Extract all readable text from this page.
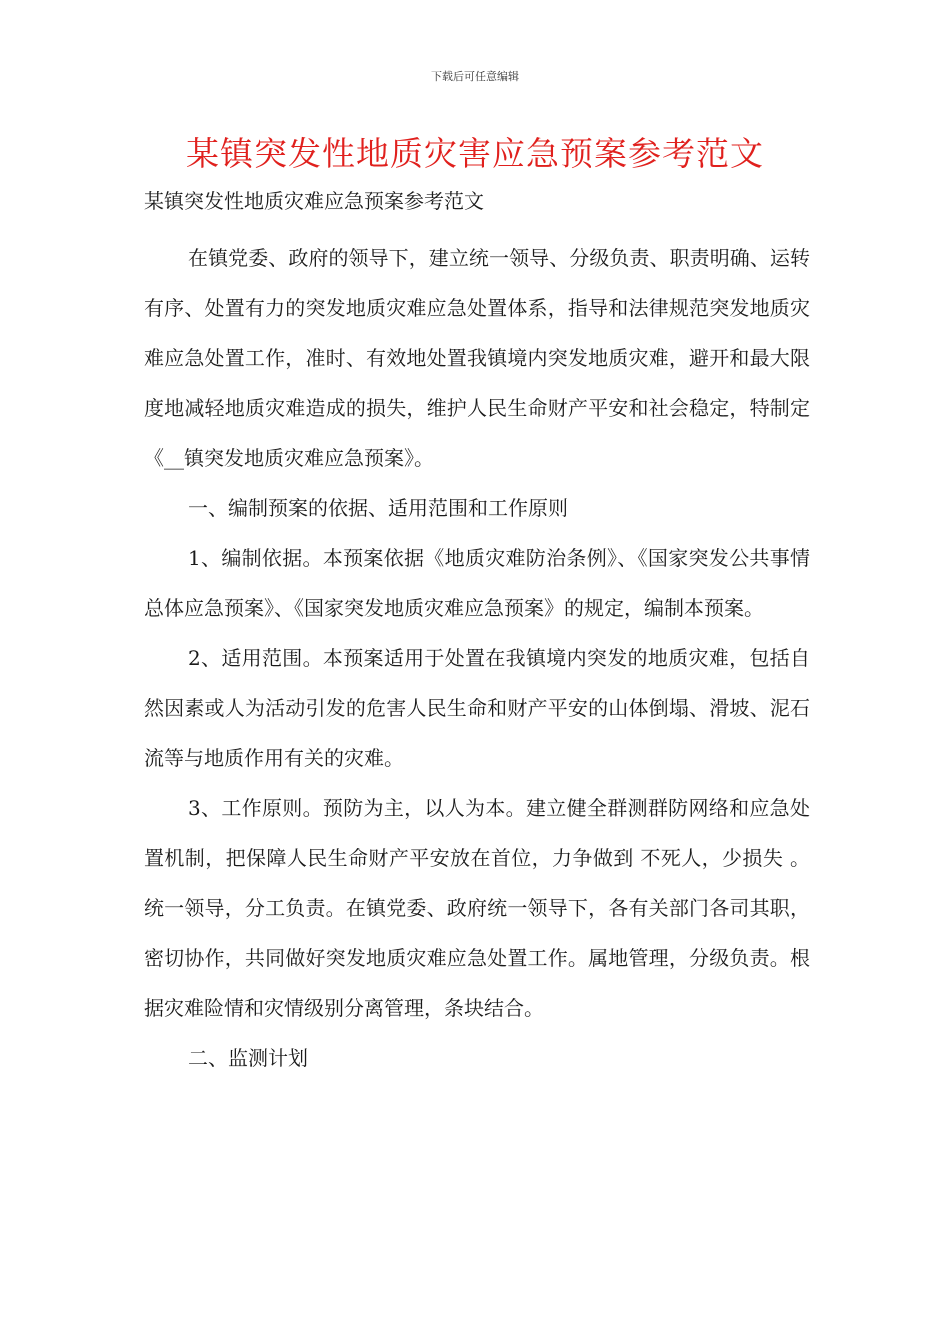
下载后可任意编辑
某镇突发性地质灾害应急预案参考范文

某镇突发性地质灾难应急预案参考范文

在镇党委、政府的领导下，建立统一领导、分级负责、职责明确、运转有序、处置有力的突发地质灾难应急处置体系，指导和法律规范突发地质灾难应急处置工作，准时、有效地处置我镇境内突发地质灾难，避开和最大限度地减轻地质灾难造成的损失，维护人民生命财产平安和社会稳定，特制定《__镇突发地质灾难应急预案》。

一、编制预案的依据、适用范围和工作原则

1、编制依据。本预案依据《地质灾难防治条例》、《国家突发公共事情总体应急预案》、《国家突发地质灾难应急预案》的规定，编制本预案。

2、适用范围。本预案适用于处置在我镇境内突发的地质灾难，包括自然因素或人为活动引发的危害人民生命和财产平安的山体倒塌、滑坡、泥石流等与地质作用有关的灾难。

3、工作原则。预防为主，以人为本。建立健全群测群防网络和应急处置机制，把保障人民生命财产平安放在首位，力争做到 不死人，少损失 。统一领导，分工负责。在镇党委、政府统一领导下，各有关部门各司其职，密切协作，共同做好突发地质灾难应急处置工作。属地管理，分级负责。根据灾难险情和灾情级别分离管理，条块结合。

二、监测计划
